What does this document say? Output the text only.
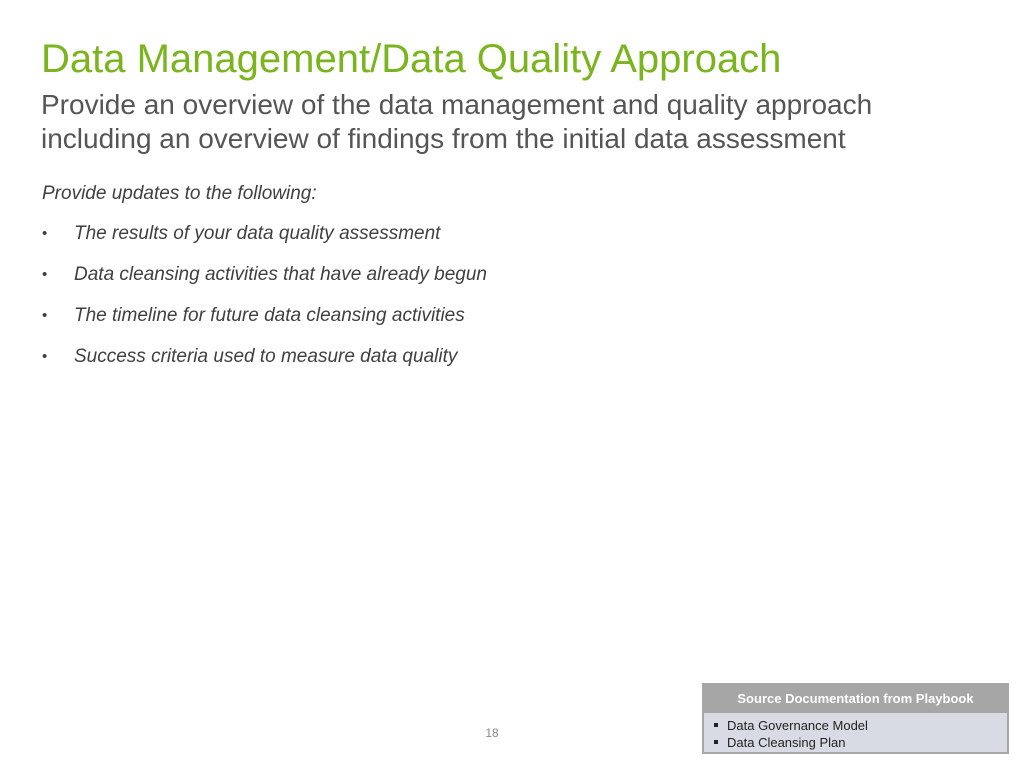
Data Management/Data Quality Approach
Provide an overview of the data management and quality approach including an overview of findings from the initial data assessment
Provide updates to the following:
•	The results of your data quality assessment
•	Data cleansing activities that have already begun
•	The timeline for future data cleansing activities
•	Success criteria used to measure data quality
18
Source Documentation from Playbook
Data Governance Model
Data Cleansing Plan
